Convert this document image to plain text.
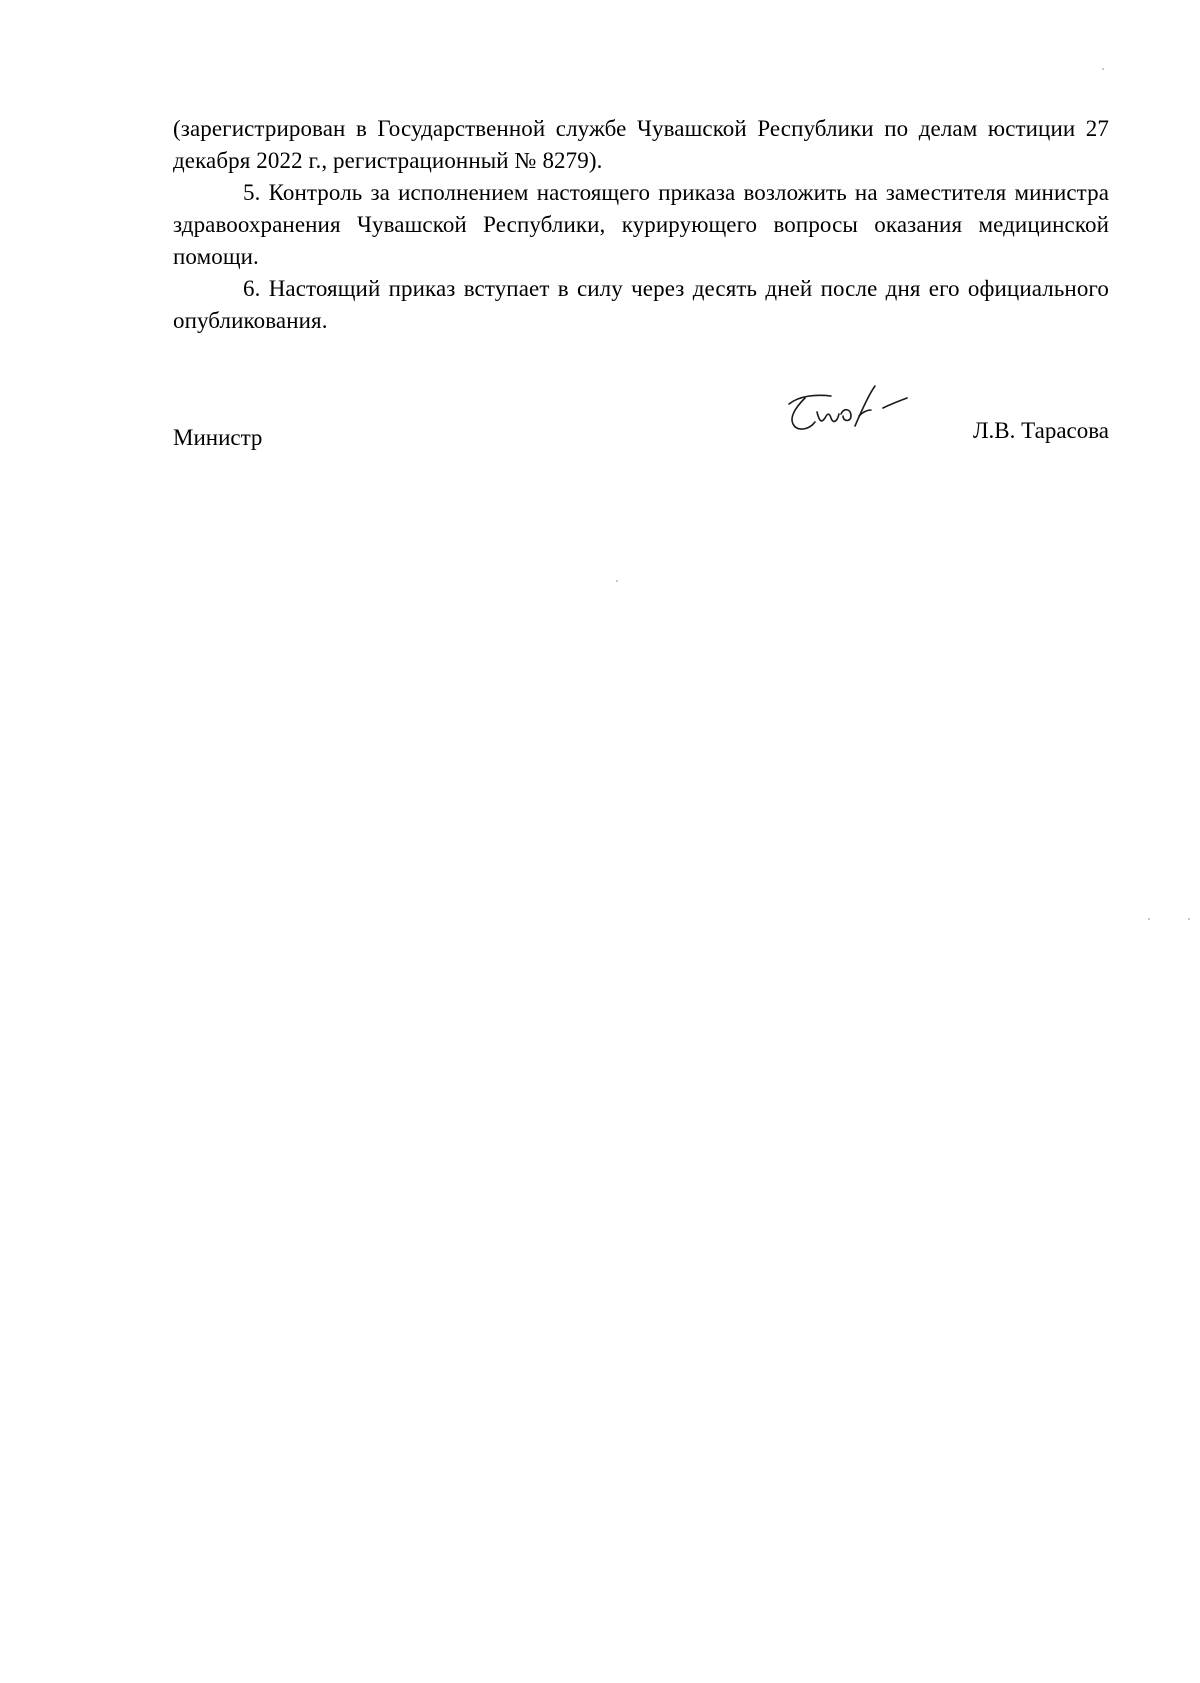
(зарегистрирован в Государственной службе Чувашской Республики по делам юстиции 27 декабря 2022 г., регистрационный № 8279).

5. Контроль за исполнением настоящего приказа возложить на заместителя министра здравоохранения Чувашской Республики, курирующего вопросы оказания медицинской помощи.

6. Настоящий приказ вступает в силу через десять дней после дня его официального опубликования.

Министр	Л.В. Тарасова
